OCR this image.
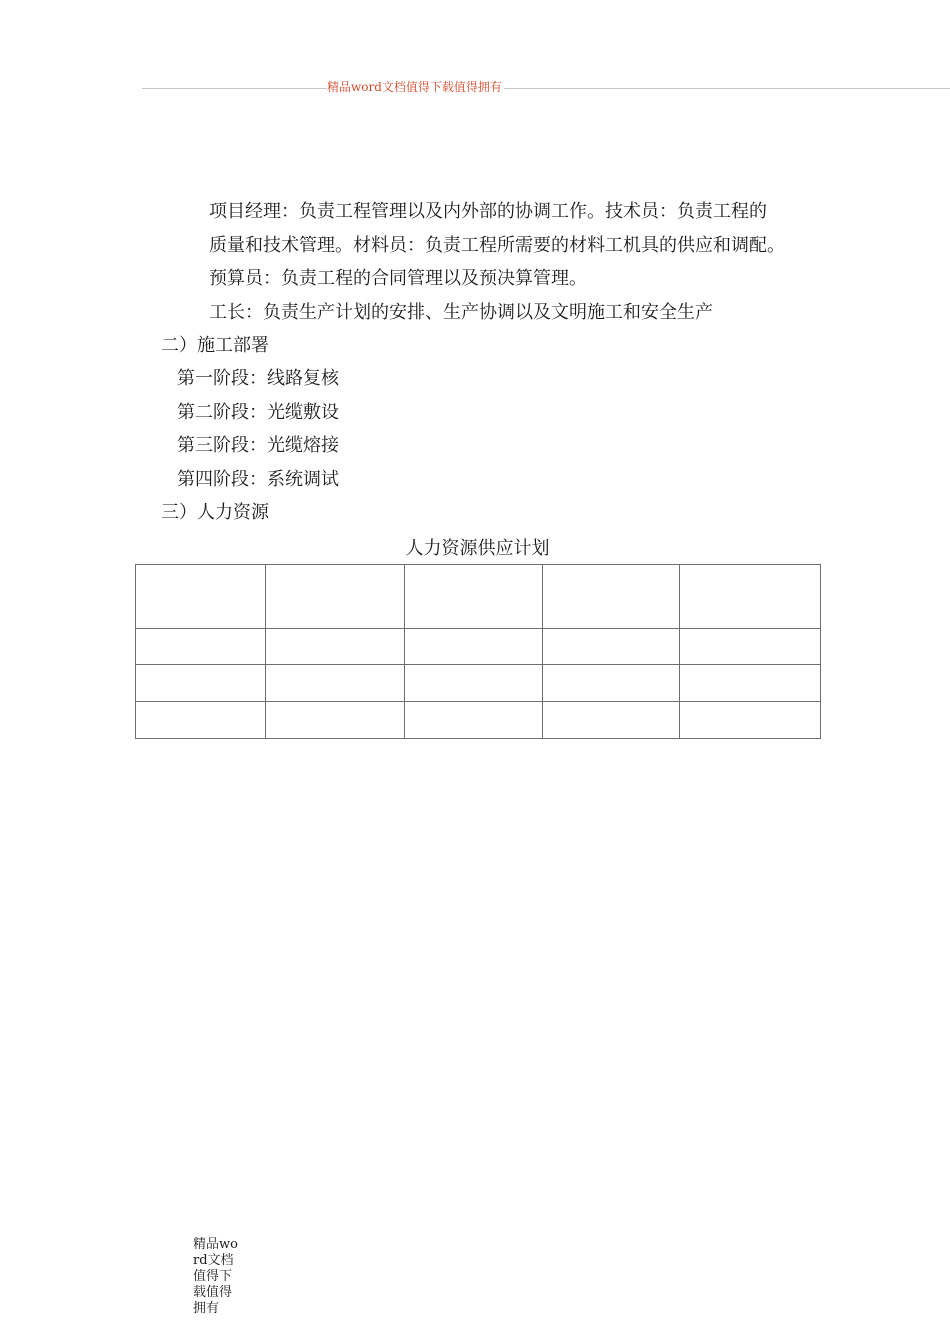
精品word文档值得下载值得拥有
项目经理：负责工程管理以及内外部的协调工作。技术员：负责工程的
质量和技术管理。材料员：负责工程所需要的材料工机具的供应和调配。
预算员：负责工程的合同管理以及预决算管理。
工长：负责生产计划的安排、生产协调以及文明施工和安全生产
二）施工部署
第一阶段：线路复核
第二阶段：光缆敷设
第三阶段：光缆熔接
第四阶段：系统调试
三）人力资源
人力资源供应计划

精品word文档值得下载值得拥有
